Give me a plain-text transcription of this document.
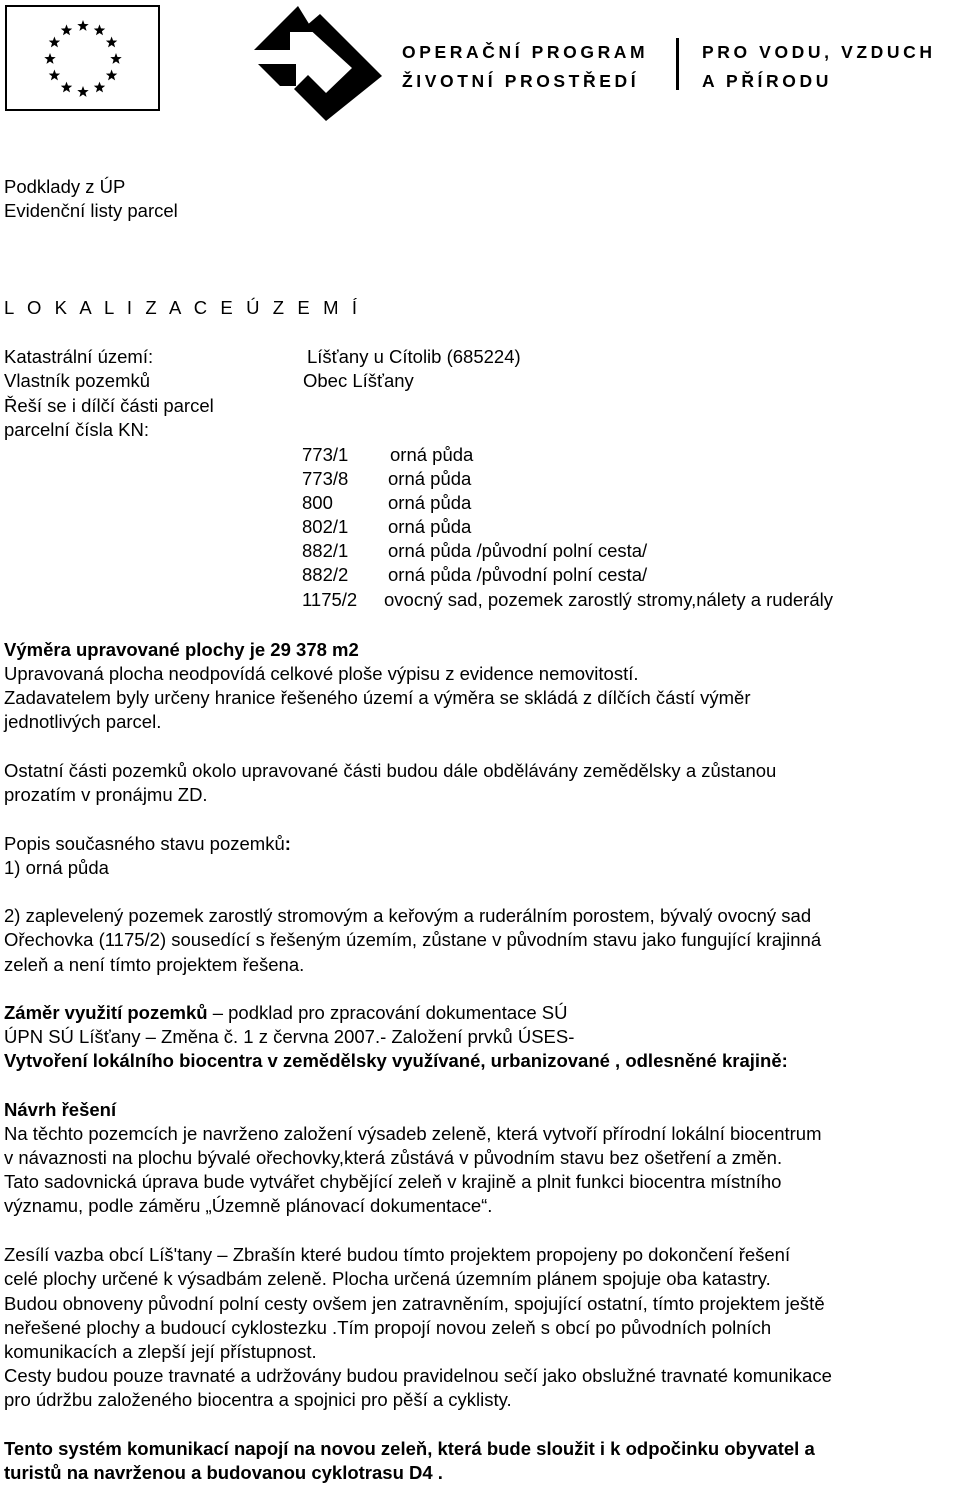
OPERAČNÍ PROGRAM
ŽIVOTNÍ PROSTŘEDÍ
PRO VODU, VZDUCH
A PŘÍRODU
Podklady z ÚP
Evidenční listy parcel
L O K A L I Z A C E Ú Z E M Í
Katastrální území:	Líšťany u Cítolib (685224)
Vlastník pozemků	Obec Líšťany
Řeší se i dílčí části parcel
parcelní čísla KN:
773/1 orná půda
773/8 orná půda
800	orná půda
802/1 orná půda
882/1 orná půda /původní polní cesta/
882/2 orná půda /původní polní cesta/
1175/2 ovocný sad, pozemek zarostlý stromy,nálety a ruderály
Výměra upravované plochy je 29 378 m2
Upravovaná plocha neodpovídá celkové ploše výpisu z evidence nemovitostí.
Zadavatelem byly určeny hranice řešeného území a výměra se skládá z dílčích částí výměr
jednotlivých parcel.
Ostatní části pozemků okolo upravované části budou dále obdělávány zemědělsky a zůstanou
prozatím v pronájmu ZD.
Popis současného stavu pozemků:
1) orná půda
2) zaplevelený pozemek zarostlý stromovým a keřovým a ruderálním porostem, bývalý ovocný sad
Ořechovka (1175/2) sousedící s řešeným územím, zůstane v původním stavu jako fungující krajinná
zeleň a není tímto projektem řešena.
Záměr využití pozemků – podklad pro zpracování dokumentace SÚ
ÚPN SÚ Líšťany – Změna č. 1 z června 2007.- Založení prvků ÚSES-
Vytvoření lokálního biocentra v zemědělsky využívané, urbanizované , odlesněné krajině:
Návrh řešení
Na těchto pozemcích je navrženo založení výsadeb zeleně, která vytvoří přírodní lokální biocentrum
v návaznosti na plochu bývalé ořechovky,která zůstává v původním stavu bez ošetření a změn.
Tato sadovnická úprava bude vytvářet chybějící zeleň v krajině a plnit funkci biocentra místního
významu, podle záměru „Územně plánovací dokumentace“.
Zesílí vazba obcí Líš'tany – Zbrašín které budou tímto projektem propojeny po dokončení řešení
celé plochy určené k výsadbám zeleně. Plocha určená územním plánem spojuje oba katastry.
Budou obnoveny původní polní cesty ovšem jen zatravněním, spojující ostatní, tímto projektem ještě
neřešené plochy a budoucí cyklostezku .Tím propojí novou zeleň s obcí po původních polních
komunikacích a zlepší její přístupnost.
Cesty budou pouze travnaté a udržovány budou pravidelnou sečí jako obslužné travnaté komunikace
pro údržbu založeného biocentra a spojnici pro pěší a cyklisty.
Tento systém komunikací napojí na novou zeleň, která bude sloužit i k odpočinku obyvatel a
turistů na navrženou a budovanou cyklotrasu D4 .
